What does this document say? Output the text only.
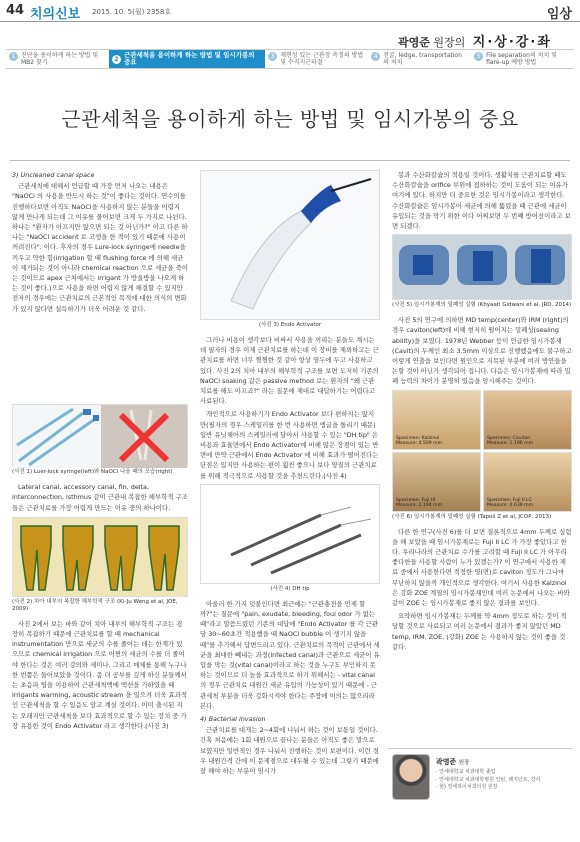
44 치의신보 2015. 10. 5(월) 2358호	임상
곽영준 원장의 지·상·강·좌
1 진단을 용이하게 하는 방법 및 MB2 찾기	2 근관세척을 용이하게 하는 방법 및 임시가봉의 중요
3 재현성 있는 근관장 측정의 방법 및 수직지근파절
4 전굴, ledge, transportation 의 처치
5 File separation의 처치 및 flare-up 예방 방법
근관세척을 용이하게 하는 방법 및 임시가봉의 중요
3) Uncleaned canal space

근관세척에 대해서 언급할 때 가장 먼저 나오는 내용은 "NaOCl 의 사용을 반드시 하는 것"이 좋다는 것이다. 연수의를 진행하다보면 아직도 NaOCl을 사용하지 않는 분들을 어렵지 않게 만나게 되는데 그 이유를 물어보면 크게 두 가지로 나뉜다. 하나는 "환자가 아프지만 않으면 되는 것 아닌가?" 이고 다른 하나는 "NaOCl accident 로 고생을 한 적이 있기 때문에 사용이 꺼려진다". 이다. 후자의 경우 Lure-lock syringe에 needle을 끼우고 약한 힘(irrigation 할 때 flushing force 에 의해 세균이 제거되는 것이 아니라 chemical reaction 으로 세균을 죽이는 것이므로 apex 근처에서는 irrigant 가 방울방울 나오게 하는 것이 좋다.)으로 사용을 하면 어렵지 않게 해결할 수 있지만 전자의 경우에는 근관치료의 근본적인 목적에 대한 의식의 변화가 있지 않다면 설득하기가 더욱 어려운 것 같다.

(사진 1) Luer-lock syringe(left)와 NaOCl 나올 때의 모습(right)

Lateral canal, accessory canal, fin, delta, interconnection, isthmus 같이 근관내 복잡한 해부학적 구조들은 근관치료를 가장 어렵게 만드는 이유 중의 하나이다.

(사진 2) 치아 내부의 복잡한 해부학적 구조 (Ki-Ju Weng et al, JOE, 2009)

사진 2에서 보는 바와 같이 치아 내부의 해부학적 구조는 굉장히 복잡하기 때문에 근관치료를 할 때 mechanical instrumentation 만으로 세균의 수를 줄이는 데는 한계가 있으므로 chemical irrigation 으로 어쩐의 세균의 수를 더 줄여야 한다는 것은 여러 강의와 세미나, 그리고 매체를 통해 누구나 한 번쯤은 들어보았을 것이다. 좀 더 공부를 깊게 하신 분들께서는 초음파 팁을 이용하여 근관세척액에 액션을 가하였을 때 irrigants warming, acoustic stream 을 일으켜 더욱 효과적인 근관세척을 할 수 있음도 알고 계실 것이다. 이미 출시된 지는 오래지만 근관세척을 보다 효과적으로 할 수 있는 장치 중 가장 유용한 것이 Endo Activator 라고 생각한다.(사진 3)

(사진 3) Endo Activator

그러나 비용이 생각보다 비싸서 사용을 꺼리는 분들도 계시는데 필자의 경우 이제 근관치료를 하는데 이 장비를 제외하고는 근관치료를 하면 너무 찜찜한 것 같아 항상 염두에 두고 사용하고 있다. 사진 2의 치아 내부의 해부학적 구조를 보면 도저히 기존의 NaOCl soaking 같은 passive method 로는 환자의 "왜 근관치료를 해도 아프죠?" 라는 질문에 제대로 대답하기는 어렵다고 사료된다.

개인적으로 사용하기가 Endo Activator 보다 편하지는 않지만(필자의 경우 스케일러를 한 번 사용하면 엠글을 돌리기 때문) 일반 유닛체어의 스케일러에 달아서 사용할 수 있는 "DH tip" 은 비용과 효율면에서 Endo Activator에 비해 많은 장점이 있는 반면에 만약 근관에서 Endo Activator 에 비해 효과가 떨어진다는 단점은 있지만 사용하는 편이 훨씬 좋으니 보다 양질의 근관치료를 위해 적극적으로 사용할 것을 추천드린다.(사진 4)

(사진 4) DH tip

아울러 한 가지 덧붙인다면 최근에는 "근관충전을 언제 할까?"는 질문에 "pain, exudate, bleeding, foul odor 가 없는 때"라고 말씀드렸던 기존의 대답에 "Endo Activator 를 각 근관당 30~60초간 적용했을 때 NaOCl bubble 이 생기지 않을 때"를 추가해서 답변드리고 있다. 근관치료의 목적이 근관에서 세균을 최대한 빼내는 과정(infected canal)과 근관으로 세균이 유입을 막는 것(vital canal)이라고 하는 것을 누구도 부인하지 못하는 것이므로 더 높을 효과적으로 하기 위해서는 - vital canal 의 경우 근관치료 내원간 세균 유입의 가능성이 있기 때문에 - 근관세척 부분을 더욱 강화시켜야 한다는 주장에 이의는 없으리라 본다.

4) Bacterial invasion

근관치료를 대개는 2~4회에 나눠서 하는 것이 보통일 것이다. 간혹 처음에는 1회 내원으로 끝나는 분들은 아직도 좋은 말으로 보였지만 일반적인 경우 나눠서 진행하는 것이 보편이다. 이런 경우 내원간격 간에 이 문제점으로 대두될 수 있는데 그렇기 때문에 잘 해야 하는 부분이 임시가

봉과 수산화칼슘의 적용일 것이다. 생활치를 근관치료할 때도 수산화칼슘을 orifice 부위에 접하하는 것이 도움이 되는 이유가 여기에 있다. 하지만 더 중요한 것은 임시가봉이라고 생각한다. 수산화칼슘은 임시가봉이 세균에 의해 뚫렸을 때 근관에 세균이 유입되는 것을 막기 위한 이다 어찌보면 두 번째 방어선이라고 보면 되겠다.

(사진 5) 임시가봉재의 밀폐성 실험 (Khyaati Gidwani et al, JRD, 2014)

사진 5의 연구에 의하면 MD temp(center)와 IRM (right)의 경우 caviton(left)에 비해 현저히 떨어지는 밀폐성(sealing ability)을 보였다. 1978년 Webber 등이 언급한 임시가봉재(Cavit)의 두께인 최소 3.5mm 이상으로 진행했음에도 불구하고 이렇게 연출을 보인다면 원인으로 지목된 부분에 여러 방안들을 논할 것이 아닌가 생각되어 집니다. 다음은 임시가봉재에 따라 밀폐 능력의 차이가 분명히 있음을 암시해주는 것이다.

Specimen: Kalzinol
Measure: 4.509 mm
Specimen: Caviton
Measure: 1.196 mm
Specimen: Fuji IX
Measure: 2.194 mm
Specimen: Fuji II LC
Measure: 0.639 mm
(사진 6) 임시가봉재의 밀폐성 실험 (Tapoil Z et al, JCOP, 2013)

다른 한 연구(사진 6)를 더 보면 결론적으로 4mm 두께로 실험을 해 보았을 때 임시가봉재로는 Fuji II LC 가 가장 좋았다고 한다. 우리나라의 근관치료 수가를 고려할 때 Fuji II LC 가 아무리 좋다한들 사용할 사람이 누가 있겠는가? 이 연구에서 사용한 재료 중에서 사용한다면 적정한 영(면)로 caviton 정도가 그나마 무난하지 않을까 개인적으로 생각한다. 여기서 사용한 Kalzinol 은 강화 ZOE 계열의 임시가봉재인데 여러 논문에서 나오는 바와 같이 ZOE 는 임시가봉재로 좋지 않은 결과를 보인다.

요약하면 임시가봉재는 두께를 약 4mm 정도로 하는 것이 적당할 것으로 사료되고 여러 논문에서 결과가 좋지 않았던 MD temp, IRM, ZOE, (강화) ZOE 는 사용하지 않는 것이 좋을 것 같다.

곽영준 원장
· 연세대학교 치과대학 졸업
· 연세대학교 치과대학병원 인턴, 레지던트, 강사
· 현) 연세하이치과의원 원장
